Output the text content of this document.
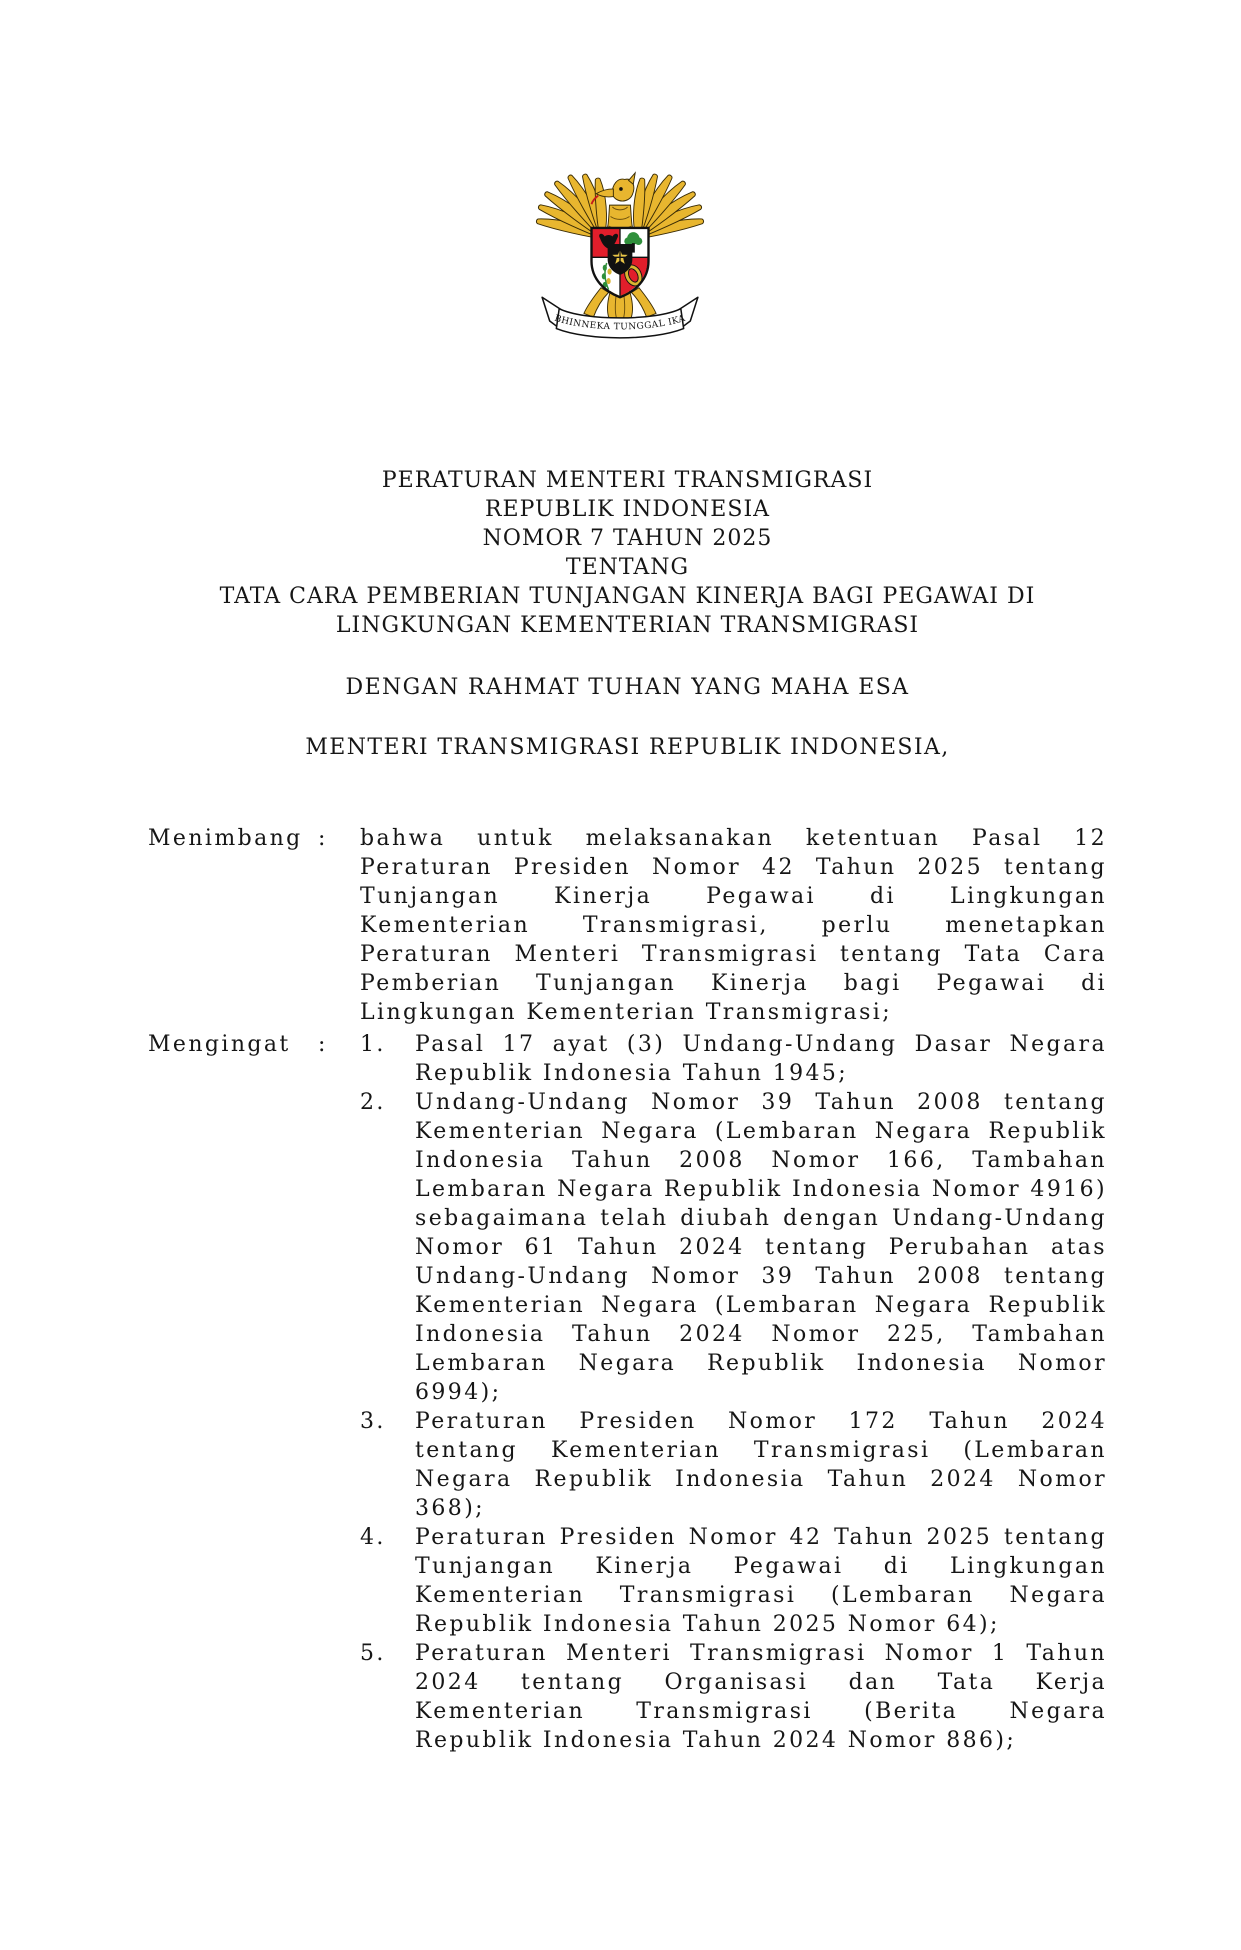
BHINNEKA TUNGGAL IKA
PERATURAN MENTERI TRANSMIGRASI
REPUBLIK INDONESIA
NOMOR 7 TAHUN 2025
TENTANG
TATA CARA PEMBERIAN TUNJANGAN KINERJA BAGI PEGAWAI DI
LINGKUNGAN KEMENTERIAN TRANSMIGRASI
DENGAN RAHMAT TUHAN YANG MAHA ESA
MENTERI TRANSMIGRASI REPUBLIK INDONESIA,
Menimbang :	bahwa untuk melaksanakan ketentuan Pasal 12 Peraturan Presiden Nomor 42 Tahun 2025 tentang Tunjangan Kinerja Pegawai di Lingkungan Kementerian Transmigrasi, perlu menetapkan Peraturan Menteri Transmigrasi tentang Tata Cara Pemberian Tunjangan Kinerja bagi Pegawai di Lingkungan Kementerian Transmigrasi;
Mengingat	:	1.	Pasal 17 ayat (3) Undang-Undang Dasar Negara Republik Indonesia Tahun 1945;
2.	Undang-Undang Nomor 39 Tahun 2008 tentang Kementerian Negara (Lembaran Negara Republik Indonesia Tahun 2008 Nomor 166, Tambahan Lembaran Negara Republik Indonesia Nomor 4916) sebagaimana telah diubah dengan Undang-Undang Nomor 61 Tahun 2024 tentang Perubahan atas Undang-Undang Nomor 39 Tahun 2008 tentang Kementerian Negara (Lembaran Negara Republik Indonesia Tahun 2024 Nomor 225, Tambahan Lembaran Negara Republik Indonesia Nomor 6994);
3.	Peraturan Presiden Nomor 172 Tahun 2024 tentang Kementerian Transmigrasi (Lembaran Negara Republik Indonesia Tahun 2024 Nomor 368);
4.	Peraturan Presiden Nomor 42 Tahun 2025 tentang Tunjangan Kinerja Pegawai di Lingkungan Kementerian Transmigrasi (Lembaran Negara Republik Indonesia Tahun 2025 Nomor 64);
5.	Peraturan Menteri Transmigrasi Nomor 1 Tahun 2024 tentang Organisasi dan Tata Kerja Kementerian Transmigrasi (Berita Negara Republik Indonesia Tahun 2024 Nomor 886);
